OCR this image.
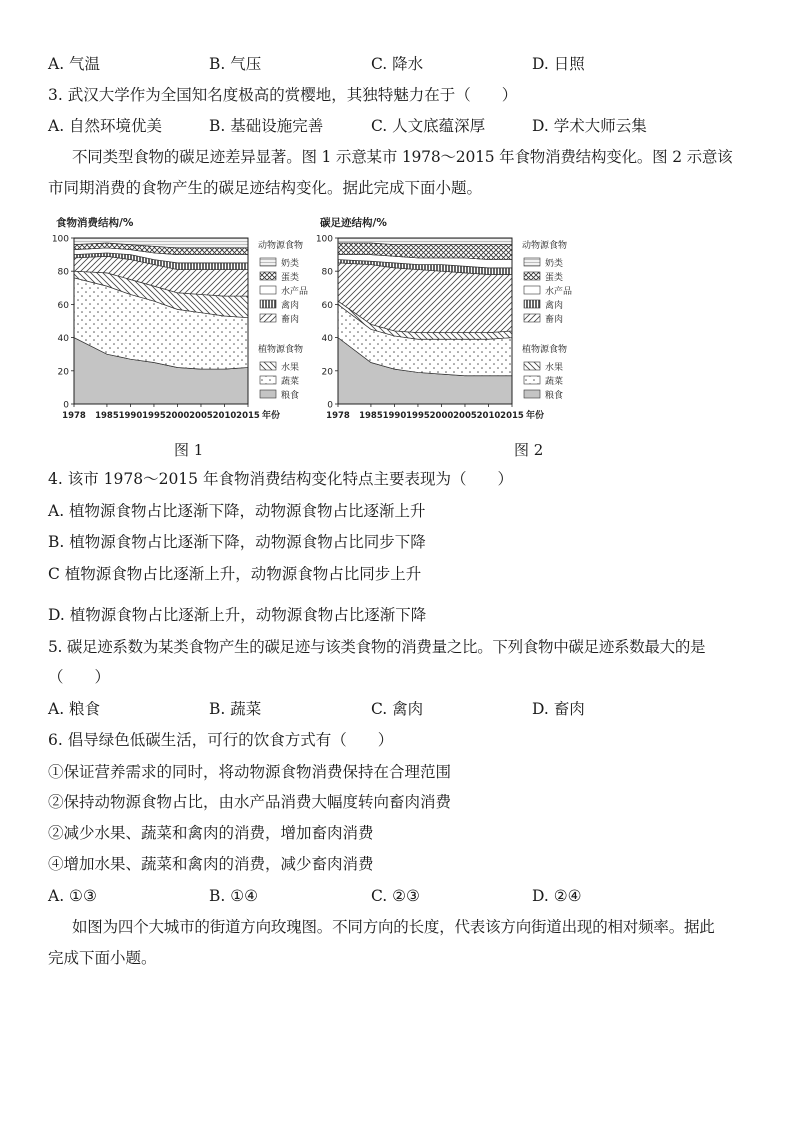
A. 气温	B. 气压	C. 降水	D. 日照
3. 武汉大学作为全国知名度极高的赏樱地，其独特魅力在于（　　）
A. 自然环境优美	B. 基础设施完善	C. 人文底蕴深厚	D. 学术大师云集
不同类型食物的碳足迹差异显著。图 1 示意某市 1978～2015 年食物消费结构变化。图 2 示意该
市同期消费的食物产生的碳足迹结构变化。据此完成下面小题。
食物消费结构/%
0
20
40
60
80
100
1978 1985 1990 1995 2000 2005 2010 2015 年份
动物源食物
植物源食物
奶类
蛋类
水产品
禽肉
畜肉
水果
蔬菜
粮食
碳足迹结构/%
0
20
40
60
80
100
1978 1985 1990 1995 2000 2005 2010 2015 年份
动物源食物
植物源食物
奶类
蛋类
水产品
禽肉
畜肉
水果
蔬菜
粮食
图 1	图 2
4. 该市 1978～2015 年食物消费结构变化特点主要表现为（　　）
A. 植物源食物占比逐渐下降，动物源食物占比逐渐上升
B. 植物源食物占比逐渐下降，动物源食物占比同步下降
C 植物源食物占比逐渐上升，动物源食物占比同步上升
D. 植物源食物占比逐渐上升，动物源食物占比逐渐下降
5. 碳足迹系数为某类食物产生的碳足迹与该类食物的消费量之比。下列食物中碳足迹系数最大的是
（　　）
A. 粮食	B. 蔬菜	C. 禽肉	D. 畜肉
6. 倡导绿色低碳生活，可行的饮食方式有（　　）
①保证营养需求的同时，将动物源食物消费保持在合理范围
②保持动物源食物占比，由水产品消费大幅度转向畜肉消费
②减少水果、蔬菜和禽肉的消费，增加畜肉消费
④增加水果、蔬菜和禽肉的消费，减少畜肉消费
A. ①③	B. ①④	C. ②③	D. ②④
如图为四个大城市的街道方向玫瑰图。不同方向的长度，代表该方向街道出现的相对频率。据此
完成下面小题。
